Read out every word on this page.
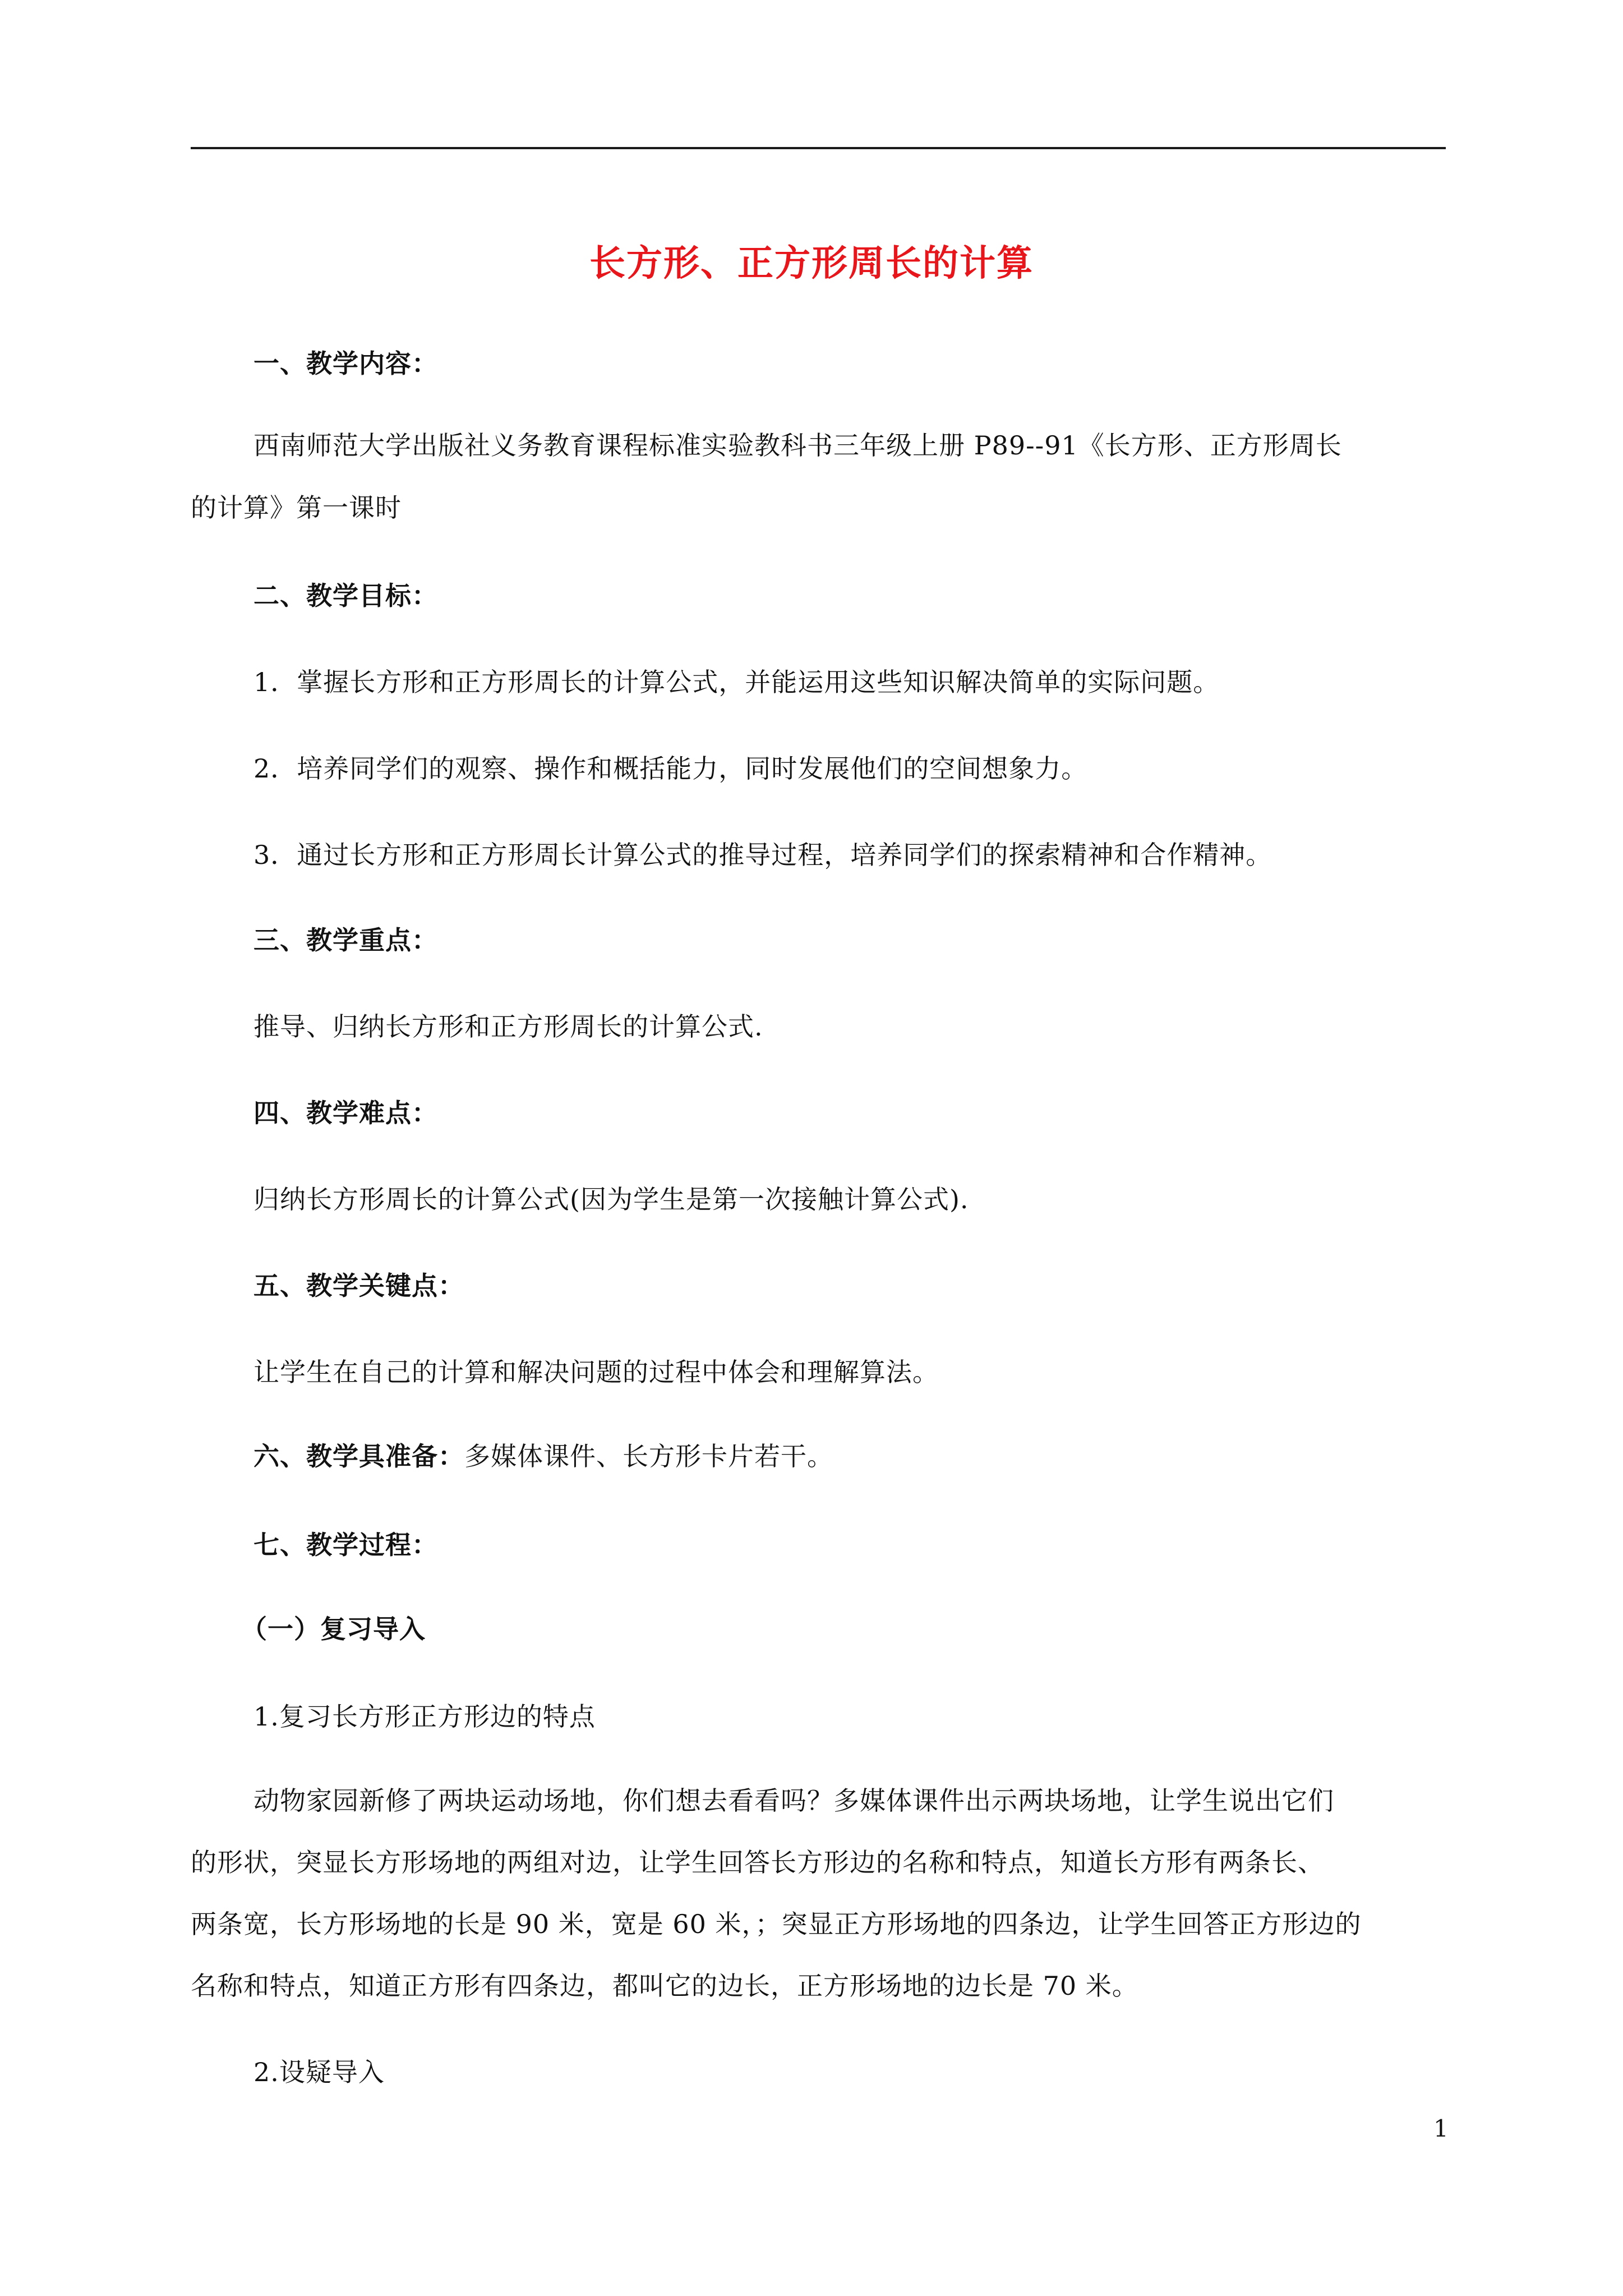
长方形、正方形周长的计算
一、教学内容：
西南师范大学出版社义务教育课程标准实验教科书三年级上册 P89--91《长方形、正方形周长
的计算》第一课时
二、教学目标：
1．掌握长方形和正方形周长的计算公式，并能运用这些知识解决简单的实际问题。
2．培养同学们的观察、操作和概括能力，同时发展他们的空间想象力。
3．通过长方形和正方形周长计算公式的推导过程，培养同学们的探索精神和合作精神。
三、教学重点：
推导、归纳长方形和正方形周长的计算公式.
四、教学难点：
归纳长方形周长的计算公式(因为学生是第一次接触计算公式).
五、教学关键点：
让学生在自己的计算和解决问题的过程中体会和理解算法。
六、教学具准备：多媒体课件、长方形卡片若干。
七、教学过程：
（一）复习导入
1.复习长方形正方形边的特点
动物家园新修了两块运动场地，你们想去看看吗？多媒体课件出示两块场地，让学生说出它们
的形状，突显长方形场地的两组对边，让学生回答长方形边的名称和特点，知道长方形有两条长、
两条宽，长方形场地的长是 90 米，宽是 60 米，；突显正方形场地的四条边，让学生回答正方形边的
名称和特点，知道正方形有四条边，都叫它的边长，正方形场地的边长是 70 米。
2.设疑导入
1
